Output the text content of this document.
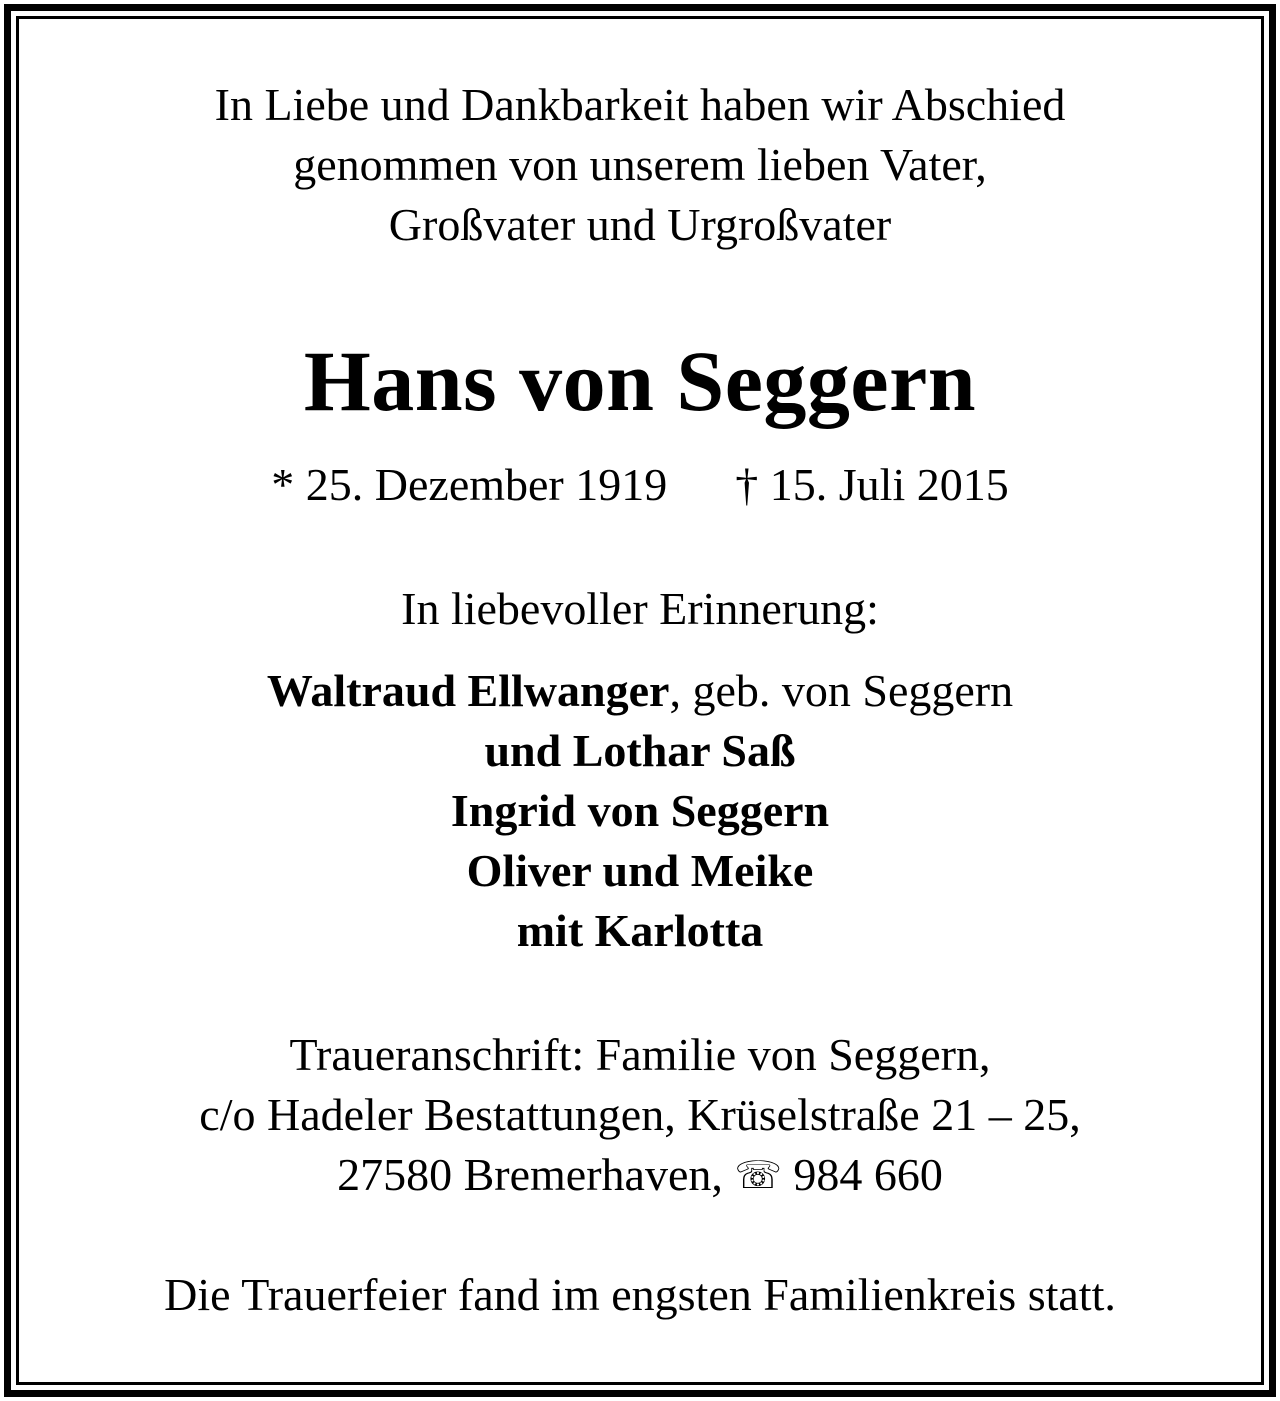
In Liebe und Dankbarkeit haben wir Abschied
genommen von unserem lieben Vater,
Großvater und Urgroßvater
Hans von Seggern
* 25. Dezember 1919 † 15. Juli 2015
In liebevoller Erinnerung:
Waltraud Ellwanger, geb. von Seggern
und Lothar Saß
Ingrid von Seggern
Oliver und Meike
mit Karlotta
Traueranschrift: Familie von Seggern,
c/o Hadeler Bestattungen, Krüselstraße 21 – 25,
27580 Bremerhaven, ☏ 984 660
Die Trauerfeier fand im engsten Familienkreis statt.
